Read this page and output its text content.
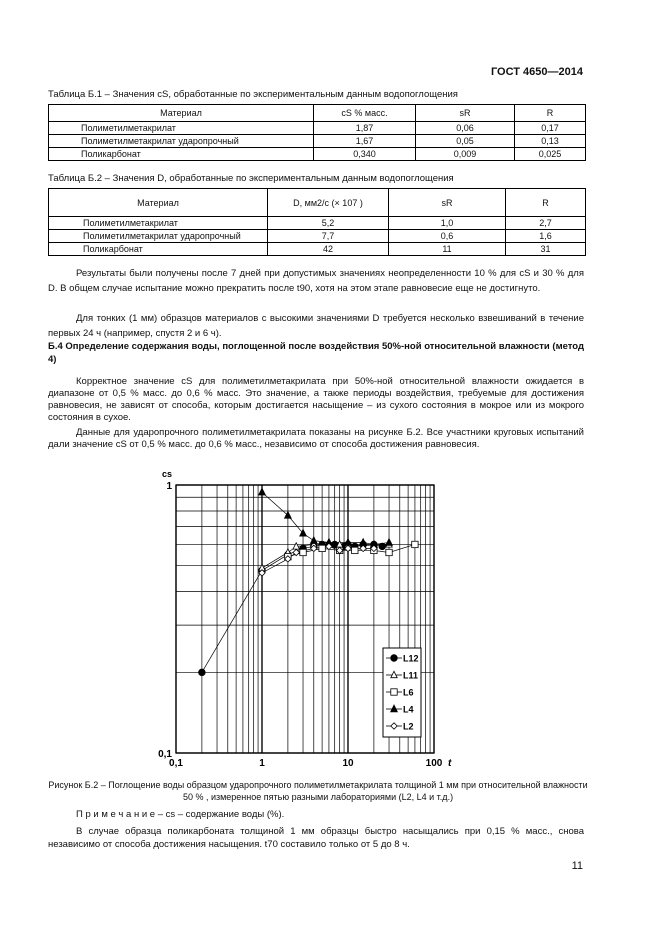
ГОСТ 4650—2014
Таблица Б.1 – Значения cS, обработанные по экспериментальным данным водопоглощения
Материал	cS % масс.	sR	R
Полиметилметакрилат	1,87	0,06	0,17
Полиметилметакрилат ударопрочный	1,67	0,05	0,13
Поликарбонат	0,340	0,009	0,025
Таблица Б.2 – Значения D, обработанные по экспериментальным данным водопоглощения
Материал	D, мм2/с (× 107 )	sR	R
Полиметилметакрилат	5,2	1,0	2,7
Полиметилметакрилат ударопрочный	7,7	0,6	1,6
Поликарбонат	42	11	31
Результаты были получены после 7 дней при допустимых значениях неопределенности 10 % для cS и 30 % для D. В общем случае испытание можно прекратить после t90, хотя на этом этапе равновесие еще не достигнуто.
Для тонких (1 мм) образцов материалов с высокими значениями D требуется несколько взвешиваний в течение первых 24 ч (например, спустя 2 и 6 ч).
Б.4 Определение содержания воды, поглощенной после воздействия 50%-ной относительной влажности (метод 4)
Корректное значение cS для полиметилметакрилата при 50%-ной относительной влажности ожидается в диапазоне от 0,5 % масс. до 0,6 % масс. Это значение, а также периоды воздействия, требуемые для достижения равновесия, не зависят от способа, которым достигается насыщение – из сухого состояния в мокрое или из мокрого состояния в сухое.
Данные для ударопрочного полиметилметакрилата показаны на рисунке Б.2. Все участники круговых испытаний дали значение cS от 0,5 % масс. до 0,6 % масс., независимо от способа достижения равновесия.
0,1	1	10	100
0,1
1
t
cs
L12
L11
L6
L4
L2
Рисунок Б.2 – Поглощение воды образцом ударопрочного полиметилметакрилата толщиной 1 мм при относительной влажности 50 % , измеренное пятью разными лабораториями (L2, L4 и т.д.)
П р и м е ч а н и е – cs – содержание воды (%).
В случае образца поликарбоната толщиной 1 мм образцы быстро насыщались при 0,15 % масс., снова независимо от способа достижения насыщения. t70 составило только от 5 до 8 ч.
11
